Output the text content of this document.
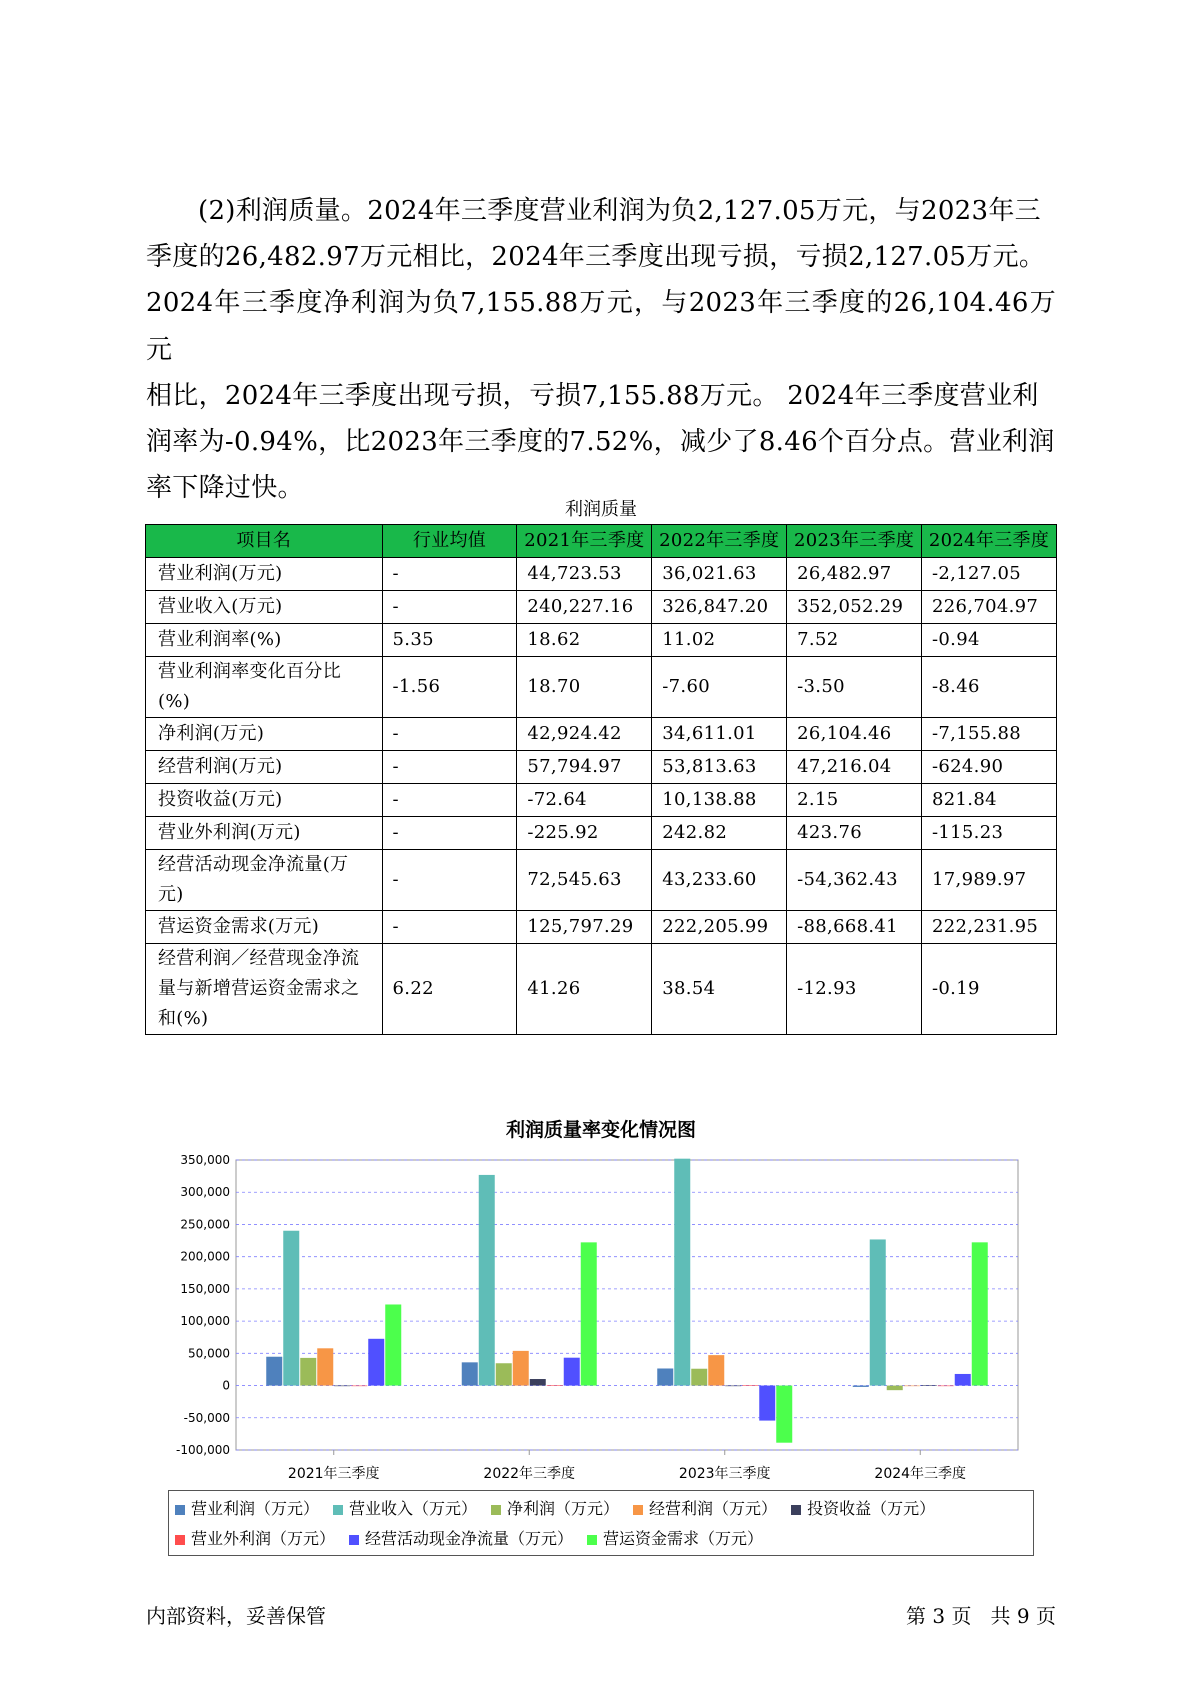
(2)利润质量。2024年三季度营业利润为负2,127.05万元，与2023年三
季度的26,482.97万元相比，2024年三季度出现亏损，亏损2,127.05万元。
2024年三季度净利润为负7,155.88万元，与2023年三季度的26,104.46万元
相比，2024年三季度出现亏损，亏损7,155.88万元。 2024年三季度营业利
润率为-0.94%，比2023年三季度的7.52%，减少了8.46个百分点。营业利润
率下降过快。
利润质量
项目名	行业均值	2021年三季度	2022年三季度	2023年三季度	2024年三季度
营业利润(万元)	-	44,723.53	36,021.63	26,482.97	-2,127.05
营业收入(万元)	-	240,227.16	326,847.20	352,052.29	226,704.97
营业利润率(%)	5.35	18.62	11.02	7.52	-0.94
营业利润率变化百分比(%)	-1.56	18.70	-7.60	-3.50	-8.46
净利润(万元)	-	42,924.42	34,611.01	26,104.46	-7,155.88
经营利润(万元)	-	57,794.97	53,813.63	47,216.04	-624.90
投资收益(万元)	-	-72.64	10,138.88	2.15	821.84
营业外利润(万元)	-	-225.92	242.82	423.76	-115.23
经营活动现金净流量(万元)	-	72,545.63	43,233.60	-54,362.43	17,989.97
营运资金需求(万元)	-	125,797.29	222,205.99	-88,668.41	222,231.95
经营利润／经营现金净流量与新增营运资金需求之和(%)	6.22	41.26	38.54	-12.93	-0.19
利润质量率变化情况图
350,000
300,000
250,000
200,000
150,000
100,000
50,000
0
-50,000
-100,000
2021年三季度	2022年三季度	2023年三季度	2024年三季度
营业利润（万元） 营业收入（万元） 净利润（万元） 经营利润（万元） 投资收益（万元）
营业外利润（万元） 经营活动现金净流量（万元） 营运资金需求（万元）
内部资料，妥善保管	第 3 页   共 9 页
